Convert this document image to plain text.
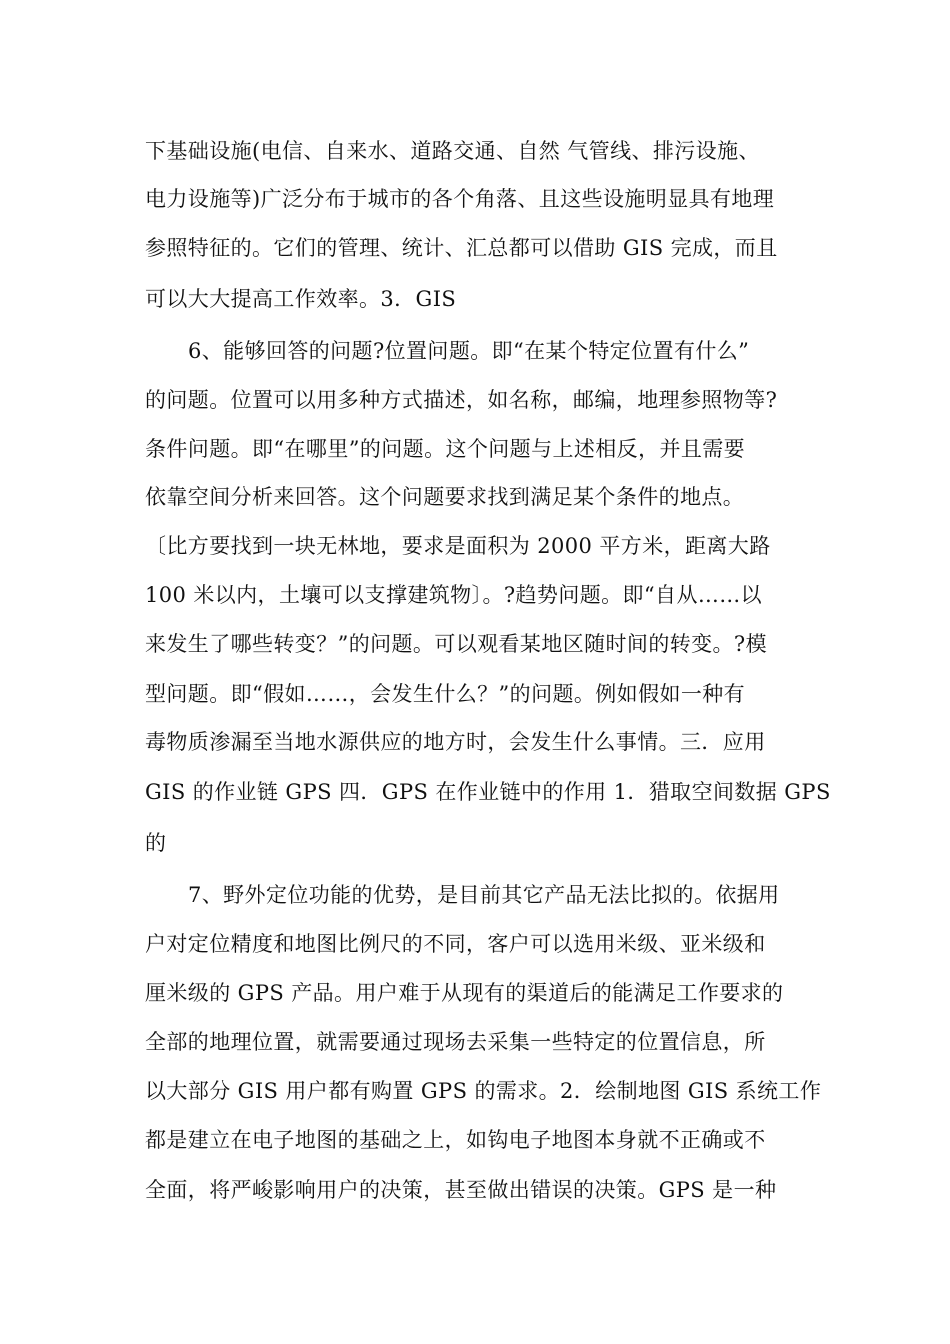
下基础设施(电信、自来水、道路交通、自然 气管线、排污设施、
电力设施等)广泛分布于城市的各个角落、且这些设施明显具有地理
参照特征的。它们的管理、统计、汇总都可以借助 GIS 完成，而且
可以大大提高工作效率。3．GIS
6、能够回答的问题?位置问题。即“在某个特定位置有什么”
的问题。位置可以用多种方式描述，如名称，邮编，地理参照物等?
条件问题。即“在哪里”的问题。这个问题与上述相反，并且需要
依靠空间分析来回答。这个问题要求找到满足某个条件的地点。
〔比方要找到一块无林地，要求是面积为 2000 平方米，距离大路
100 米以内，土壤可以支撑建筑物〕。?趋势问题。即“自从……以
来发生了哪些转变？”的问题。可以观看某地区随时间的转变。?模
型问题。即“假如……，会发生什么？”的问题。例如假如一种有
毒物质渗漏至当地水源供应的地方时，会发生什么事情。三．应用
GIS 的作业链 GPS 四．GPS 在作业链中的作用 1．猎取空间数据 GPS
的
7、野外定位功能的优势，是目前其它产品无法比拟的。依据用
户对定位精度和地图比例尺的不同，客户可以选用米级、亚米级和
厘米级的 GPS 产品。用户难于从现有的渠道后的能满足工作要求的
全部的地理位置，就需要通过现场去采集一些特定的位置信息，所
以大部分 GIS 用户都有购置 GPS 的需求。2．绘制地图 GIS 系统工作
都是建立在电子地图的基础之上，如钩电子地图本身就不正确或不
全面，将严峻影响用户的决策，甚至做出错误的决策。GPS 是一种
